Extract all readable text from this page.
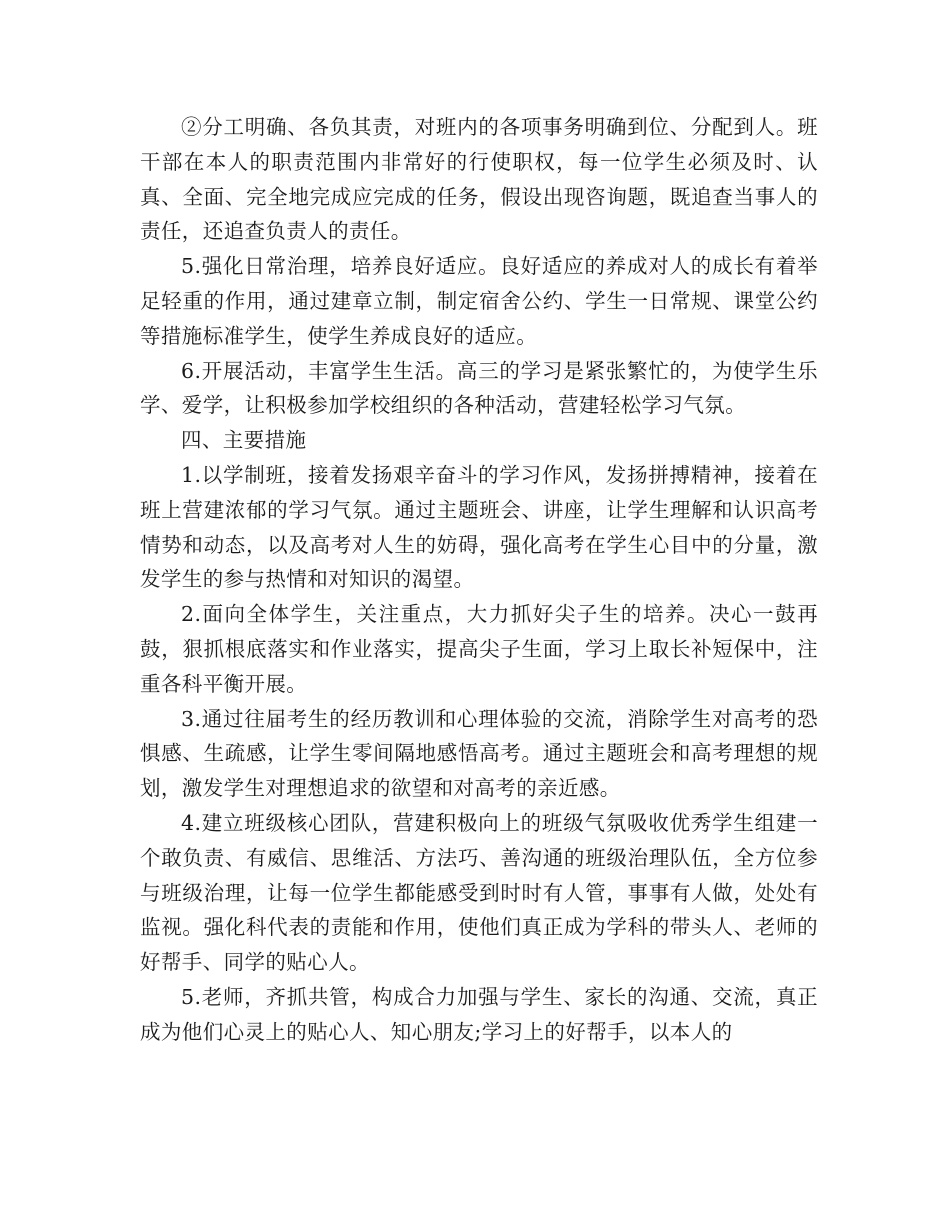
②分工明确、各负其责，对班内的各项事务明确到位、分配到人。班干部在本人的职责范围内非常好的行使职权，每一位学生必须及时、认真、全面、完全地完成应完成的任务，假设出现咨询题，既追查当事人的责任，还追查负责人的责任。

5.强化日常治理，培养良好适应。良好适应的养成对人的成长有着举足轻重的作用，通过建章立制，制定宿舍公约、学生一日常规、课堂公约等措施标准学生，使学生养成良好的适应。

6.开展活动，丰富学生生活。高三的学习是紧张繁忙的，为使学生乐学、爱学，让积极参加学校组织的各种活动，营建轻松学习气氛。

四、主要措施

1.以学制班，接着发扬艰辛奋斗的学习作风，发扬拼搏精神，接着在班上营建浓郁的学习气氛。通过主题班会、讲座，让学生理解和认识高考情势和动态，以及高考对人生的妨碍，强化高考在学生心目中的分量，激发学生的参与热情和对知识的渴望。

2.面向全体学生，关注重点，大力抓好尖子生的培养。决心一鼓再鼓，狠抓根底落实和作业落实，提高尖子生面，学习上取长补短保中，注重各科平衡开展。

3.通过往届考生的经历教训和心理体验的交流，消除学生对高考的恐惧感、生疏感，让学生零间隔地感悟高考。通过主题班会和高考理想的规划，激发学生对理想追求的欲望和对高考的亲近感。

4.建立班级核心团队，营建积极向上的班级气氛吸收优秀学生组建一个敢负责、有威信、思维活、方法巧、善沟通的班级治理队伍，全方位参与班级治理，让每一位学生都能感受到时时有人管，事事有人做，处处有监视。强化科代表的责能和作用，使他们真正成为学科的带头人、老师的好帮手、同学的贴心人。

5.老师，齐抓共管，构成合力加强与学生、家长的沟通、交流，真正成为他们心灵上的贴心人、知心朋友;学习上的好帮手，以本人的
